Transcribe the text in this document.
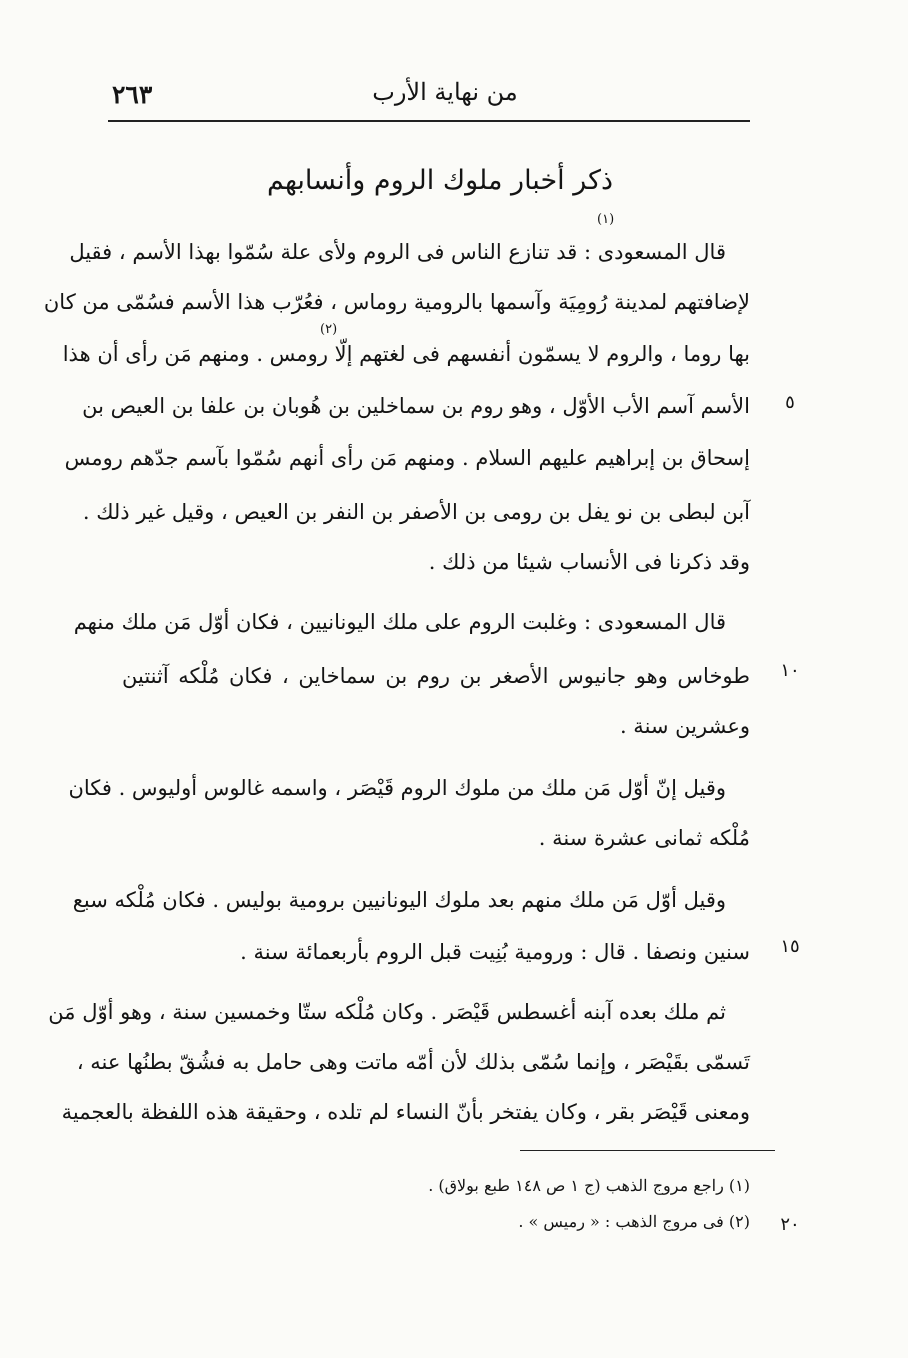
من نهاية الأرب
٢٦٣
ذكر أخبار ملوك الروم وأنسابهم
(١)
(٢)
قال المسعودى : قد تنازع الناس فى الروم ولأى علة سُمّوا بهذا الأسم ، فقيل
لإضافتهم لمدينة رُومِيَة وآسمها بالرومية روماس ، فعُرّب هذا الأسم فسُمّى من كان
بها روما ، والروم لا يسمّون أنفسهم فى لغتهم إلّا رومس . ومنهم مَن رأى أن هذا
الأسم آسم الأب الأوّل ، وهو روم بن سماخلين بن هُوبان بن علفا بن العيص بن
إسحاق بن إبراهيم عليهم السلام . ومنهم مَن رأى أنهم سُمّوا بآسم جدّهم رومس
آبن لبطى بن نو يفل بن رومى بن الأصفر بن النفر بن العيص ، وقيل غير ذلك .
وقد ذكرنا فى الأنساب شيئا من ذلك .
قال المسعودى : وغلبت الروم على ملك اليونانيين ، فكان أوّل مَن ملك منهم
طوخاس وهو جانيوس الأصغر بن روم بن سماخاين ، فكان مُلْكه آثنتين
وعشرين سنة .
وقيل إنّ أوّل مَن ملك من ملوك الروم قَيْصَر ، واسمه غالوس أوليوس . فكان
مُلْكه ثمانى عشرة سنة .
وقيل أوّل مَن ملك منهم بعد ملوك اليونانيين برومية بوليس . فكان مُلْكه سبع
سنين ونصفا . قال : ورومية بُنِيت قبل الروم بأربعمائة سنة .
ثم ملك بعده آبنه أغسطس قَيْصَر . وكان مُلْكه ستّا وخمسين سنة ، وهو أوّل مَن
تَسمّى بقَيْصَر ، وإنما سُمّى بذلك لأن أمّه ماتت وهى حامل به فشُقّ بطنُها عنه ،
ومعنى قَيْصَر بقر ، وكان يفتخر بأنّ النساء لم تلده ، وحقيقة هذه اللفظة بالعجمية
٥
١٠
١٥
٢٠
(١) راجع مروج الذهب (ج ١ ص ١٤٨ طبع بولاق) .
(٢) فى مروج الذهب : « رميس » .
